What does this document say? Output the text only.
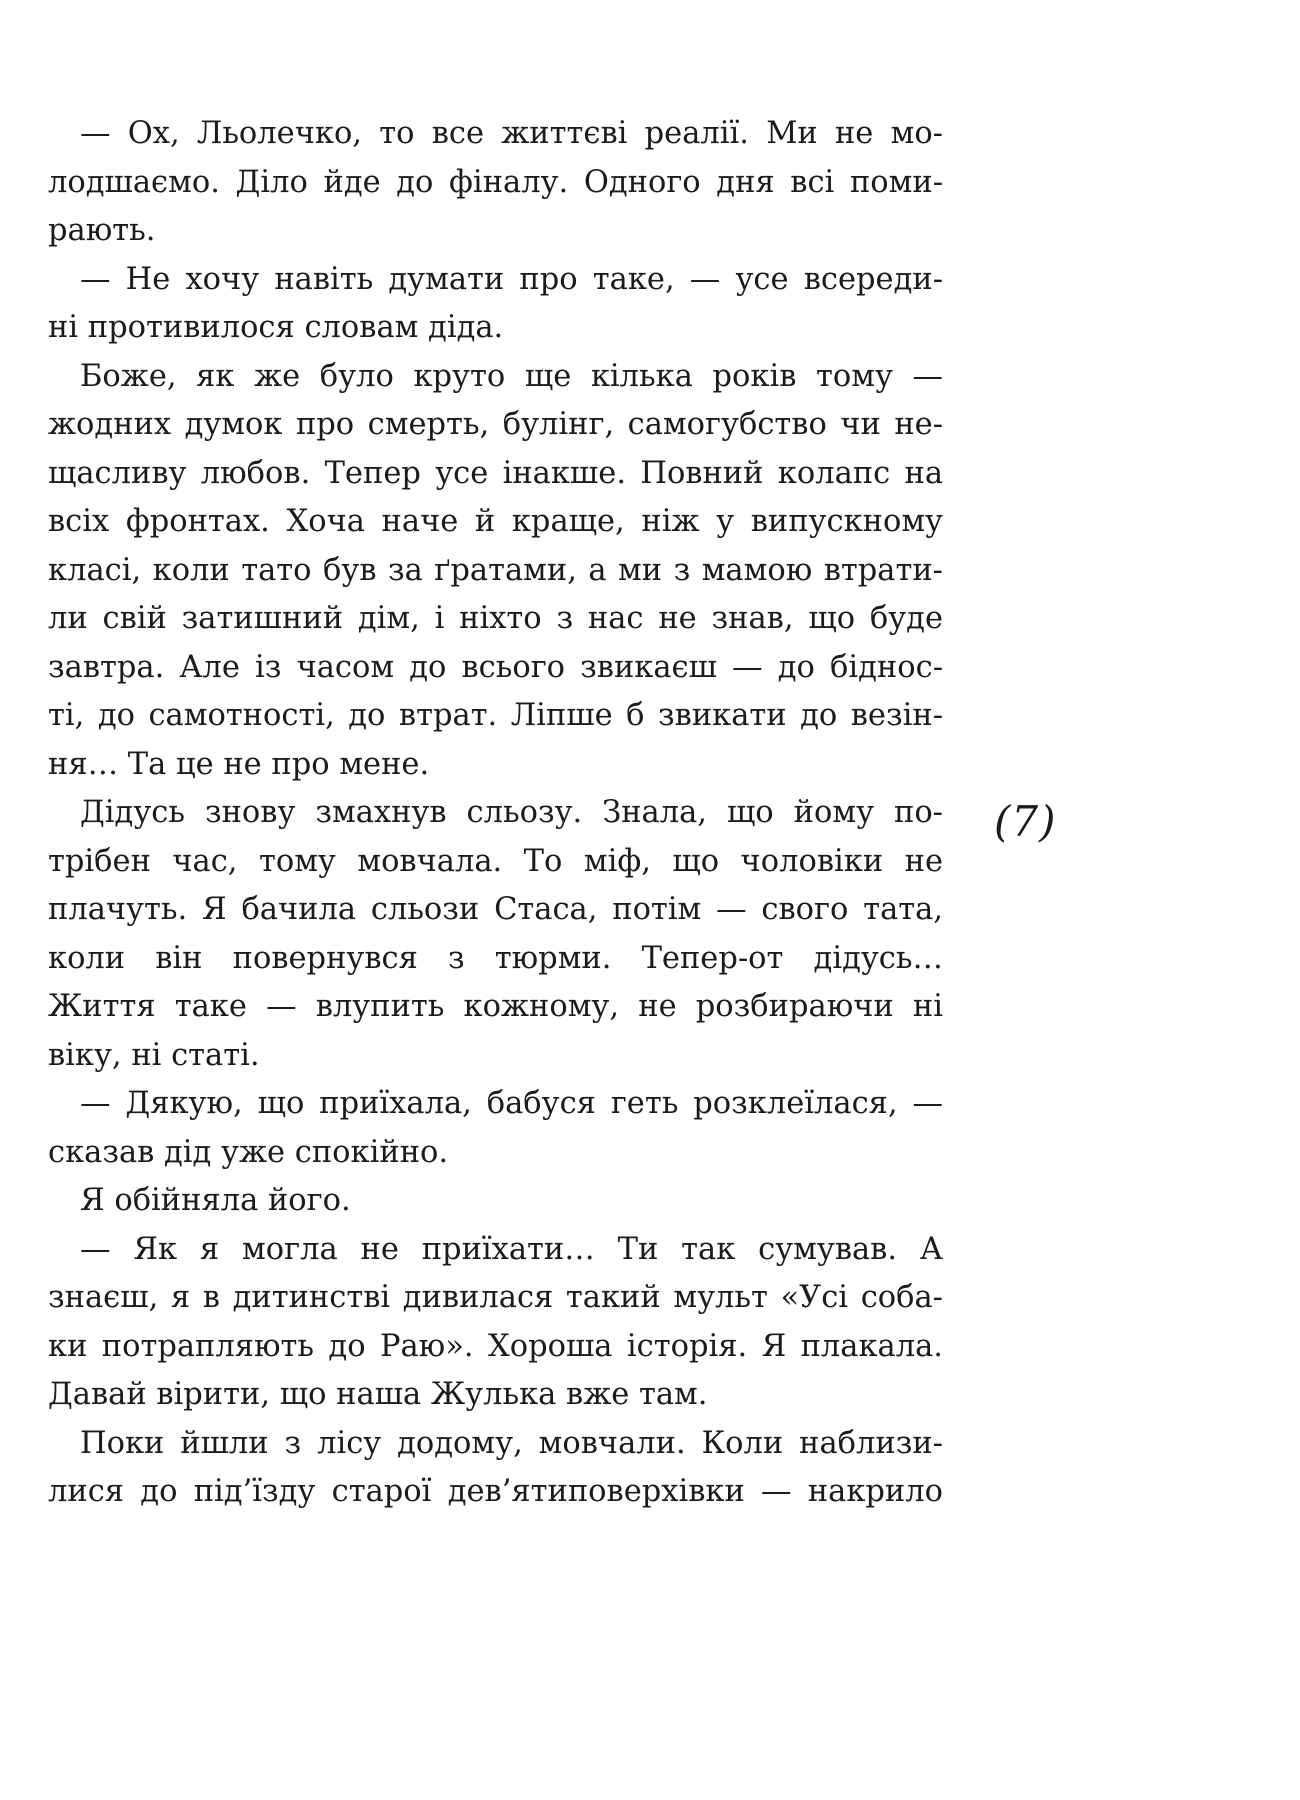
— Ох, Льолечко, то все життєві реалії. Ми не мо-
лодшаємо. Діло йде до фіналу. Одного дня всі поми-
рають.
— Не хочу навіть думати про таке, — усе всереди-
ні противилося словам діда.
Боже, як же було круто ще кілька років тому —
жодних думок про смерть, булінг, самогубство чи не-
щасливу любов. Тепер усе інакше. Повний колапс на
всіх фронтах. Хоча наче й краще, ніж у випускному
класі, коли тато був за ґратами, а ми з мамою втрати-
ли свій затишний дім, і ніхто з нас не знав, що буде
завтра. Але із часом до всього звикаєш — до біднос-
ті, до самотності, до втрат. Ліпше б звикати до везін-
ня… Та це не про мене.
Дідусь знову змахнув сльозу. Знала, що йому по-
трібен час, тому мовчала. То міф, що чоловіки не
плачуть. Я бачила сльози Стаса, потім — свого тата,
коли він повернувся з тюрми. Тепер-от дідусь…
Життя таке — влупить кожному, не розбираючи ні
віку, ні статі.
— Дякую, що приїхала, бабуся геть розклеїлася, —
сказав дід уже спокійно.
Я обійняла його.
— Як я могла не приїхати… Ти так сумував. А
знаєш, я в дитинстві дивилася такий мульт «Усі соба-
ки потрапляють до Раю». Хороша історія. Я плакала.
Давай вірити, що наша Жулька вже там.
Поки йшли з лісу додому, мовчали. Коли наблизи-
лися до під’їзду старої дев’ятиповерхівки — накрило
(7)
